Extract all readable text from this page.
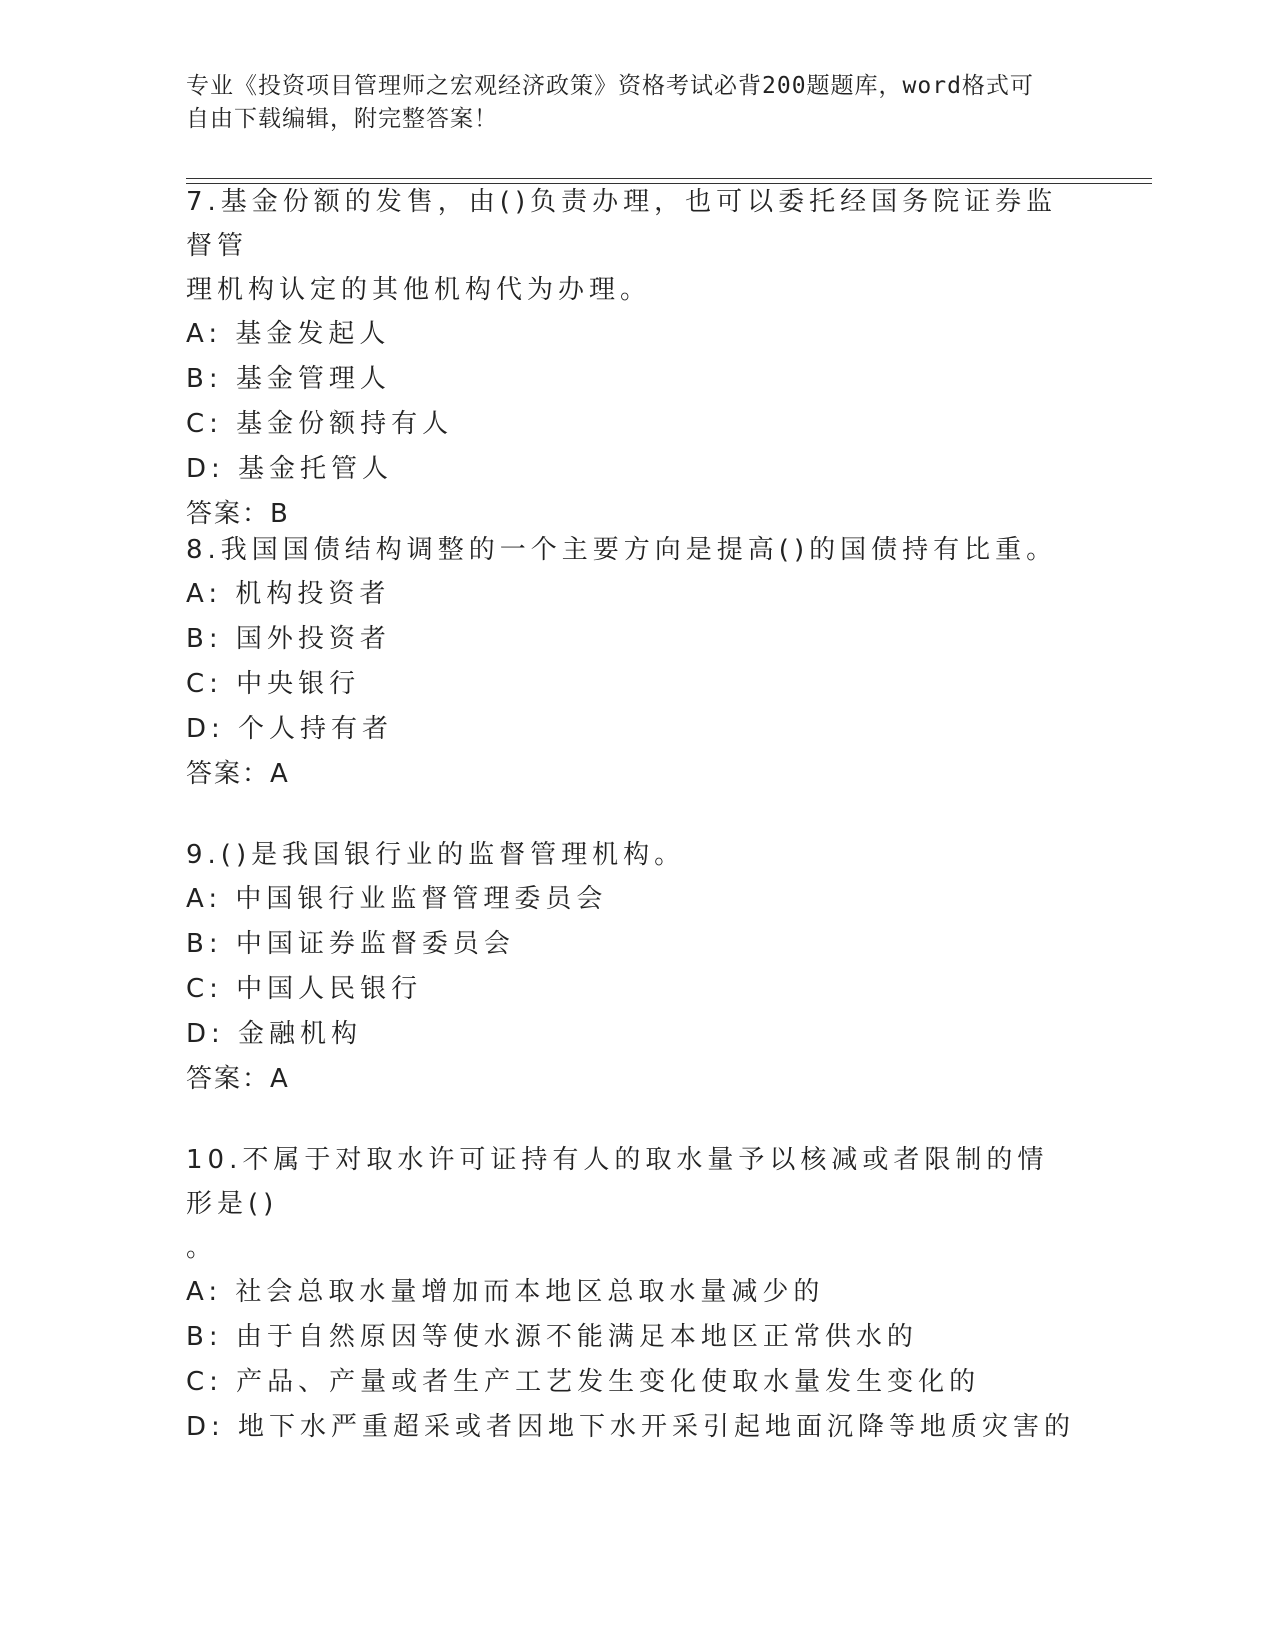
专业《投资项目管理师之宏观经济政策》资格考试必背200题题库，word格式可
自由下载编辑，附完整答案！
7.基金份额的发售，由()负责办理，也可以委托经国务院证券监督管
理机构认定的其他机构代为办理。
A: 基金发起人
B: 基金管理人
C: 基金份额持有人
D: 基金托管人
答案：B
8.我国国债结构调整的一个主要方向是提高()的国债持有比重。
A: 机构投资者
B: 国外投资者
C: 中央银行
D: 个人持有者
答案：A
9.()是我国银行业的监督管理机构。
A: 中国银行业监督管理委员会
B: 中国证券监督委员会
C: 中国人民银行
D: 金融机构
答案：A
10.不属于对取水许可证持有人的取水量予以核减或者限制的情形是()
。
A: 社会总取水量增加而本地区总取水量减少的
B: 由于自然原因等使水源不能满足本地区正常供水的
C: 产品、产量或者生产工艺发生变化使取水量发生变化的
D: 地下水严重超采或者因地下水开采引起地面沉降等地质灾害的
